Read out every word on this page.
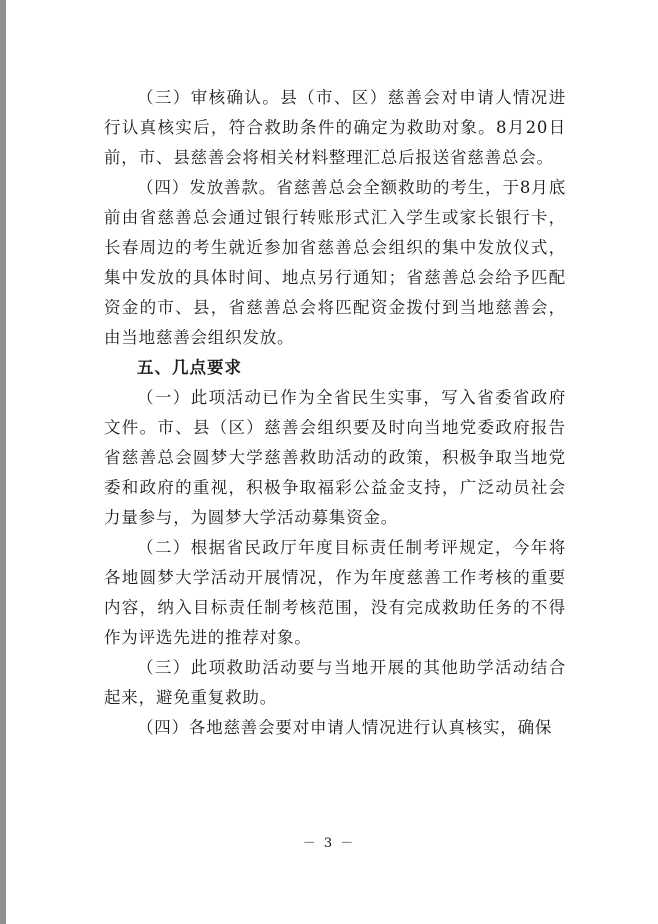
（三）审核确认。县（市、区）慈善会对申请人情况进行认真核实后，符合救助条件的确定为救助对象。8月20日前，市、县慈善会将相关材料整理汇总后报送省慈善总会。

（四）发放善款。省慈善总会全额救助的考生，于8月底前由省慈善总会通过银行转账形式汇入学生或家长银行卡，长春周边的考生就近参加省慈善总会组织的集中发放仪式，集中发放的具体时间、地点另行通知；省慈善总会给予匹配资金的市、县，省慈善总会将匹配资金拨付到当地慈善会，由当地慈善会组织发放。

五、几点要求

（一）此项活动已作为全省民生实事，写入省委省政府文件。市、县（区）慈善会组织要及时向当地党委政府报告省慈善总会圆梦大学慈善救助活动的政策，积极争取当地党委和政府的重视，积极争取福彩公益金支持，广泛动员社会力量参与，为圆梦大学活动募集资金。

（二）根据省民政厅年度目标责任制考评规定，今年将各地圆梦大学活动开展情况，作为年度慈善工作考核的重要内容，纳入目标责任制考核范围，没有完成救助任务的不得作为评选先进的推荐对象。

（三）此项救助活动要与当地开展的其他助学活动结合起来，避免重复救助。

（四）各地慈善会要对申请人情况进行认真核实，确保

－ 3 －
